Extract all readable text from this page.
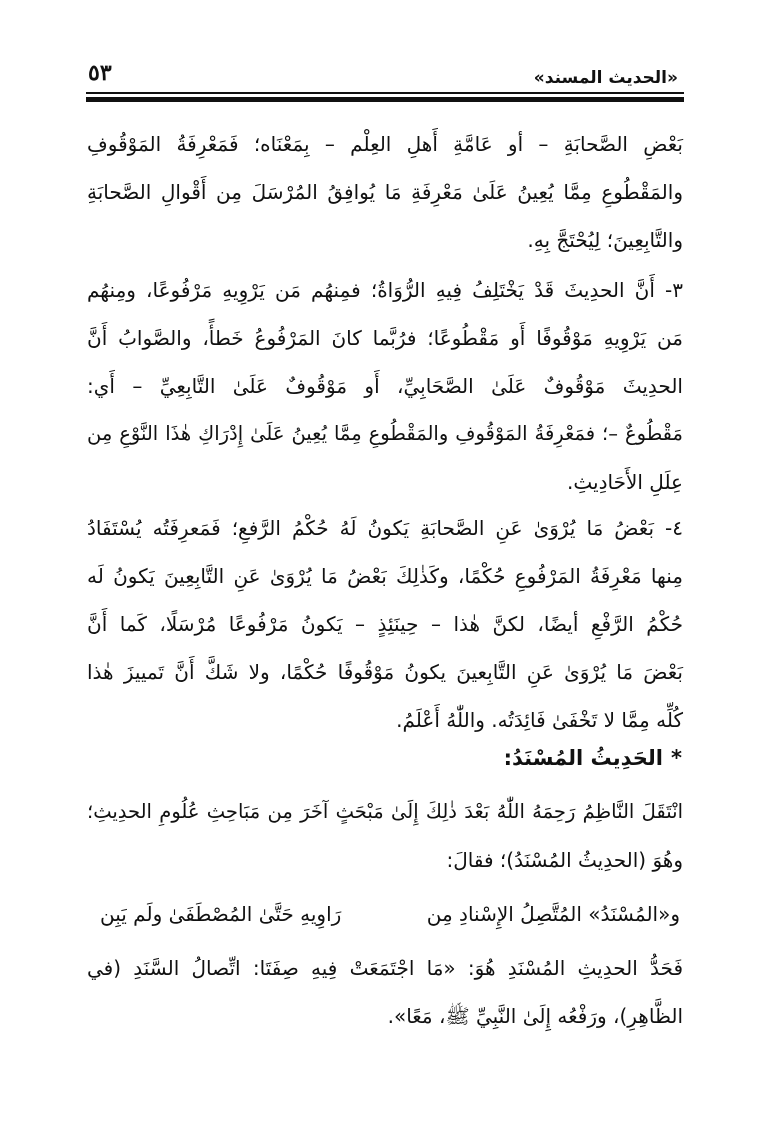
٥٣	«الحديث المسند»
بَعْضِ الصَّحابَةِ – أو عَامَّةِ أَهلِ العِلْم – بِمَعْنَاه؛ فَمَعْرِفَةُ المَوْقُوفِ
والمَقْطُوعِ مِمَّا يُعِينُ عَلَىٰ مَعْرِفَةِ مَا يُوافِقُ المُرْسَلَ مِن أَقْوالِ الصَّحابَةِ
والتَّابِعِينَ؛ لِيُحْتَجَّ بِهِ.
٣- أَنَّ الحدِيثَ قَدْ يَخْتَلِفُ فِيهِ الرُّوَاةُ؛ فمِنهُم مَن يَرْوِيهِ مَرْفُوعًا، ومِنهُم
مَن يَرْوِيهِ مَوْقُوفًا أَو مَقْطُوعًا؛ فرُبَّما كانَ المَرْفُوعُ خَطأً، والصَّوابُ أَنَّ
الحدِيثَ مَوْقُوفٌ عَلَىٰ الصَّحَابِيِّ، أَو مَوْقُوفٌ عَلَىٰ التَّابِعِيِّ – أَي:
مَقْطُوعٌ –؛ فمَعْرِفَةُ المَوْقُوفِ والمَقْطُوعِ مِمَّا يُعِينُ عَلَىٰ إِدْرَاكِ هٰذَا النَّوْعِ مِن
عِلَلِ الأَحَادِيثِ.
٤- بَعْضُ مَا يُرْوَىٰ عَنِ الصَّحابَةِ يَكونُ لَهُ حُكْمُ الرَّفعِ؛ فَمَعرِفَتُه يُسْتَفَادُ
مِنها مَعْرِفَةُ المَرْفُوعِ حُكْمًا، وكَذٰلِكَ بَعْضُ مَا يُرْوَىٰ عَنِ التَّابِعِينَ يَكونُ لَه
حُكْمُ الرَّفْعِ أيضًا، لكنَّ هٰذا – حِينَئِذٍ – يَكونُ مَرْفُوعًا مُرْسَلًا، كَما أَنَّ
بَعْضَ مَا يُرْوَىٰ عَنِ التَّابِعينَ يكونُ مَوْقُوفًا حُكْمًا، ولا شَكَّ أَنَّ تَمييزَ هٰذا
كُلِّه مِمَّا لا تَخْفَىٰ فَائِدَتُه. واللّٰهُ أَعْلَمُ.
*الحَدِيثُ المُسْنَدُ:
انْتَقَلَ النَّاظِمُ رَحِمَهُ اللّٰهُ بَعْدَ ذٰلِكَ إِلَىٰ مَبْحَثٍ آخَرَ مِن مَبَاحِثِ عُلُومِ الحدِيثِ؛
وهُوَ (الحدِيثُ المُسْنَدُ)؛ فقالَ:
و«المُسْنَدُ» المُتَّصِلُ الإِسْنادِ مِن
رَاوِيهِ حَتَّىٰ المُصْطَفَىٰ ولَم يَبِن
فَحَدُّ الحدِيثِ المُسْنَدِ هُوَ: «مَا اجْتَمَعَتْ فِيهِ صِفَتَا: اتِّصالُ السَّنَدِ (في
الظَّاهِرِ)، ورَفْعُه إِلَىٰ النَّبِيِّ ﷺ، مَعًا».
